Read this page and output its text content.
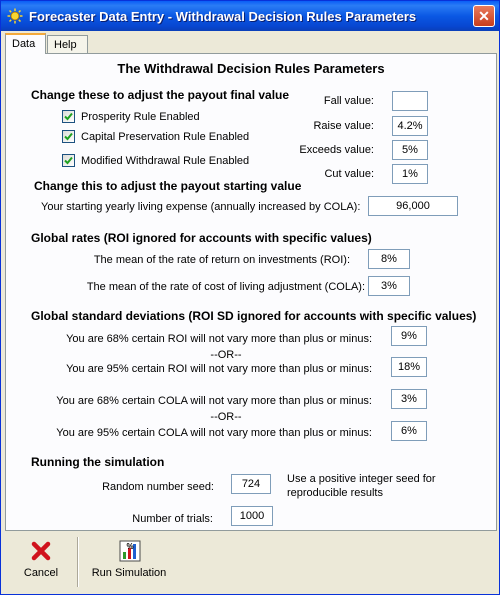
Forecaster Data Entry - Withdrawal Decision Rules Parameters	✕
Help
Data
The Withdrawal Decision Rules Parameters
Change these to adjust the payout final value
Prosperity Rule Enabled
Capital Preservation Rule Enabled
Modified Withdrawal Rule Enabled
Fall value:
Raise value:
4.2%
Exceeds value:
5%
Cut value:
1%
Change this to adjust the payout starting value
Your starting yearly living expense (annually increased by COLA):
96,000
Global rates (ROI ignored for accounts with specific values)
The mean of the rate of return on investments (ROI):
8%
The mean of the rate of cost of living adjustment (COLA):
3%
Global standard deviations (ROI SD ignored for accounts with specific values)
You are 68% certain ROI will not vary more than plus or minus:
9%
--OR--
You are 95% certain ROI will not vary more than plus or minus:
18%
You are 68% certain COLA will not vary more than plus or minus:
3%
--OR--
You are 95% certain COLA will not vary more than plus or minus:
6%
Running the simulation
Random number seed:
724
Use a positive integer seed for
reproducible results
Number of trials:
1000
Cancel
%
Run Simulation
